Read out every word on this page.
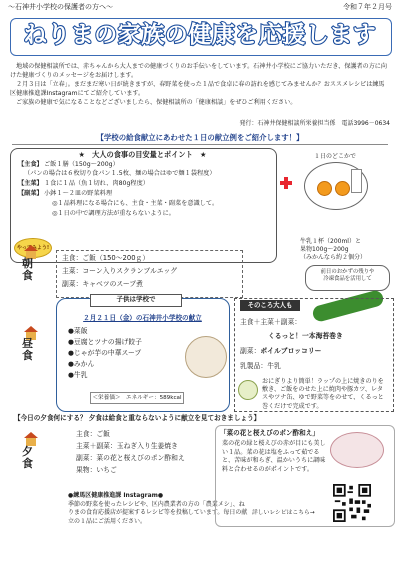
〜石神井小学校の保護者の方へ〜	令和７年２月号
ねりまの家族の健康を応援します

地域の保健相談所では、赤ちゃんから大人までの健康づくりのお手伝いをしています。石神井小学校にご協力いただき、保護者の方に向けた健康づくりのメッセージをお届けします。

２月３日は「立春」。まだまだ寒い日が続きますが、春野菜を使った１品で食卓に春の訪れを感じてみませんか？おススメレシピは練馬区健康推進課Instagramにてご紹介しています。

ご家族の健康で気になることなどございましたら、保健相談所の「健康相談」をぜひご利用ください。

発行：石神井保健相談所栄養担当係　電話3996－0634
【学校の給食献立にあわせた１日の献立例をご紹介します！】
★　大人の食事の目安量とポイント　★
【主食】ご飯１膳（150g〜200g）
（パンの場合は６枚切り食パン１.5枚、麺の場合はゆで麺１袋程度）
【主菜】１食に１品（魚１切れ、肉80g程度）
【副菜】小鉢１〜２皿の野菜料理
◎１品料理になる場合にも、主食・主菜・副菜を意識して。
◎１日の中で調理方法が重ならないように。
やってみよう!
１日のどこかで
牛乳１杯（200ml）と
果物100g〜200g
（みかんなら約２個分）
朝
食
主食：ご飯（150〜200ｇ）
主菜：コーン入りスクランブルエッグ
副菜：キャベツのスープ煮
前日のおかずの残りや
冷凍食品を活用して
昼
食
子供は学校で
２月２１日（金）の石神井小学校の献立
●菜飯
●豆腐とツナの揚げ餃子
●じゃが芋の中華スープ
●みかん
●牛乳
＜栄養価＞　エネルギー：589kcal
そのころ大人も
主食＋主菜＋副菜：
くるっと！一本海苔巻き
副菜：ボイルブロッコリー
乳製品：牛乳
おにぎりより簡単！ラップの上に焼きのりを敷き、ご飯をのせた上に焼肉や豚カツ、レタスやツナ缶、ゆで野菜等をのせて、くるっと巻くだけで完成です。
【今日の夕食何にする？ 夕食は給食と重ならないように献立を見ておきましょう】
夕
食
主食：ご飯
主菜＋副菜：玉ねぎ入り生姜焼き
副菜：菜の花と桜えびのポン酢和え
果物：いちご
●練馬区健康推進課 Instagram●
季節の野菜を使ったレシピや、区内農業者の方の「農業メシ」、ねりまの食育応援店が提案するレシピ等を投稿しています。毎日の献立の１品にご活用ください。
「菜の花と桜えびのポン酢和え」
菜の花の緑と桜えびの赤が目にも美しい１品。菜の花は塩をふって茹でると、苦味が和らぎ、温かいうちに調味料と合わせるのがポイントです。
詳しいレシピはこちら→
